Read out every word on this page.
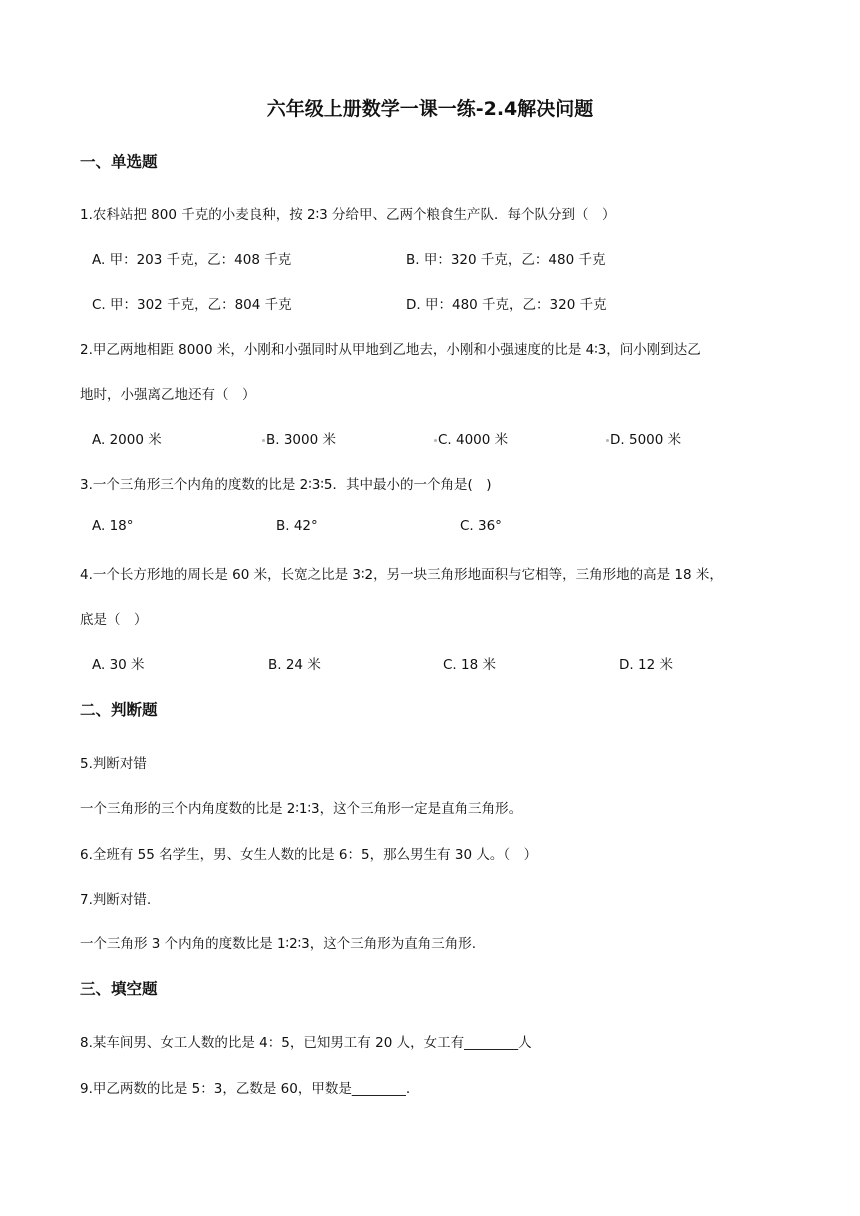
六年级上册数学一课一练-2.4解决问题
一、单选题
1.农科站把 800 千克的小麦良种，按 2∶3 分给甲、乙两个粮食生产队．每个队分到（　）
A. 甲：203 千克，乙：408 千克	B. 甲：320 千克，乙：480 千克
C. 甲：302 千克，乙：804 千克	D. 甲：480 千克，乙：320 千克
2.甲乙两地相距 8000 米，小刚和小强同时从甲地到乙地去，小刚和小强速度的比是 4∶3，问小刚到达乙
地时，小强离乙地还有（　）
A. 2000 米	B. 3000 米	C. 4000 米	D. 5000 米
3.一个三角形三个内角的度数的比是 2∶3∶5．其中最小的一个角是(　)
A. 18°	B. 42°	C. 36°
4.一个长方形地的周长是 60 米，长宽之比是 3∶2，另一块三角形地面积与它相等，三角形地的高是 18 米，
底是（　）
A. 30 米	B. 24 米	C. 18 米	D. 12 米
二、判断题
5.判断对错
一个三角形的三个内角度数的比是 2∶1∶3，这个三角形一定是直角三角形。
6.全班有 55 名学生，男、女生人数的比是 6：5，那么男生有 30 人。（　）
7.判断对错.
一个三角形 3 个内角的度数比是 1∶2∶3，这个三角形为直角三角形.
三、填空题
8.某车间男、女工人数的比是 4：5，已知男工有 20 人，女工有________人
9.甲乙两数的比是 5：3，乙数是 60，甲数是________.
